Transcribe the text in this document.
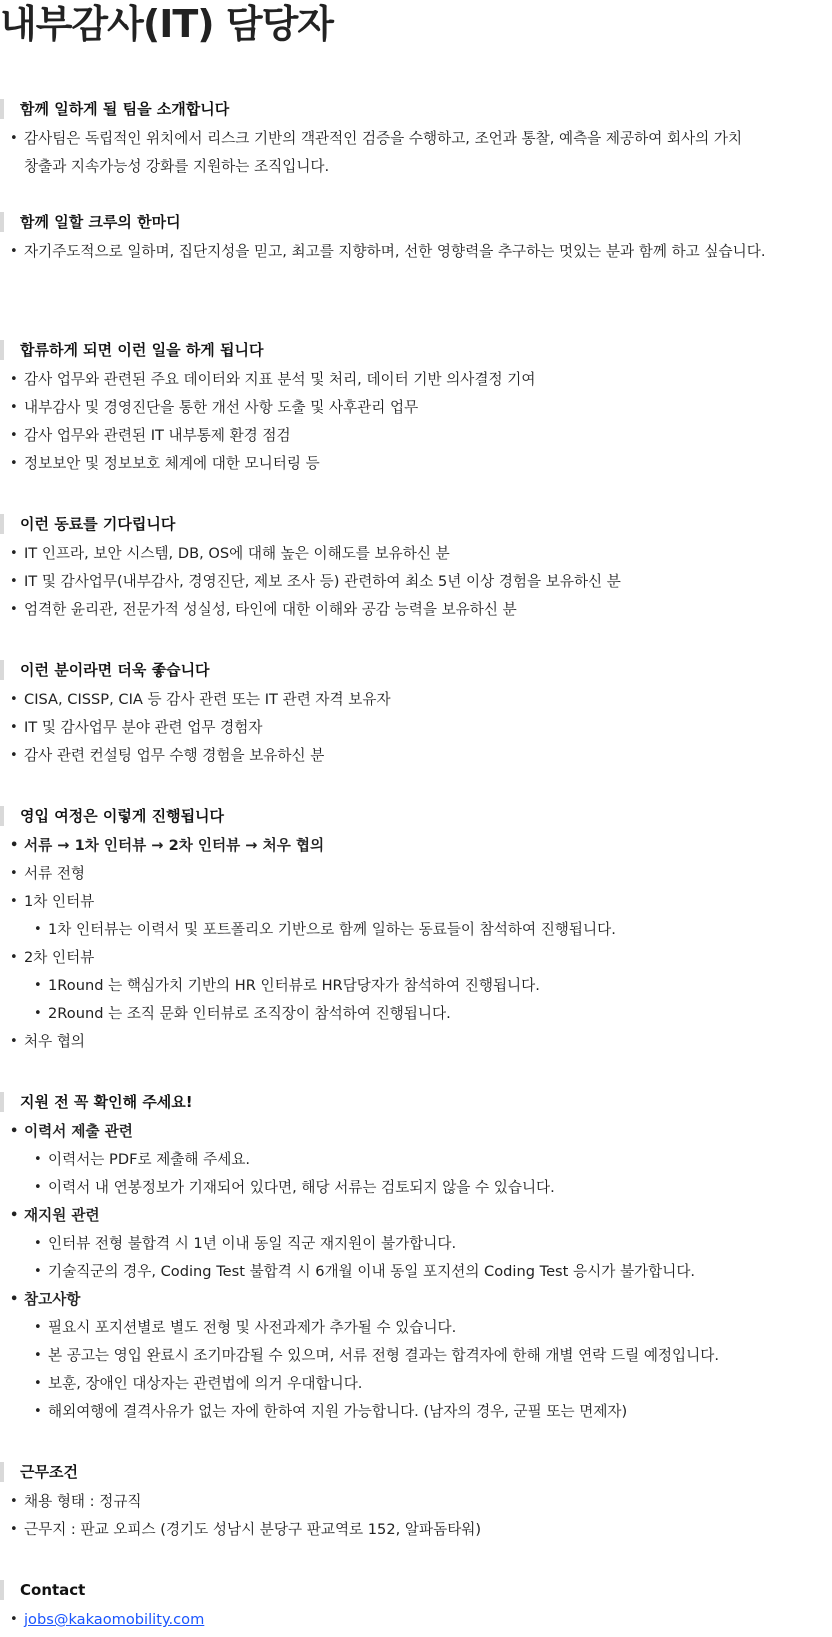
내부감사(IT) 담당자
함께 일하게 될 팀을 소개합니다
• 감사팀은 독립적인 위치에서 리스크 기반의 객관적인 검증을 수행하고, 조언과 통찰, 예측을 제공하여 회사의 가치 창출과 지속가능성 강화를 지원하는 조직입니다.
함께 일할 크루의 한마디
• 자기주도적으로 일하며, 집단지성을 믿고, 최고를 지향하며, 선한 영향력을 추구하는 멋있는 분과 함께 하고 싶습니다.
합류하게 되면 이런 일을 하게 됩니다
• 감사 업무와 관련된 주요 데이터와 지표 분석 및 처리, 데이터 기반 의사결정 기여
• 내부감사 및 경영진단을 통한 개선 사항 도출 및 사후관리 업무
• 감사 업무와 관련된 IT 내부통제 환경 점검
• 정보보안 및 정보보호 체계에 대한 모니터링 등
이런 동료를 기다립니다
• IT 인프라, 보안 시스템, DB, OS에 대해 높은 이해도를 보유하신 분
• IT 및 감사업무(내부감사, 경영진단, 제보 조사 등) 관련하여 최소 5년 이상 경험을 보유하신 분
• 엄격한 윤리관, 전문가적 성실성, 타인에 대한 이해와 공감 능력을 보유하신 분
이런 분이라면 더욱 좋습니다
• CISA, CISSP, CIA 등 감사 관련 또는 IT 관련 자격 보유자
• IT 및 감사업무 분야 관련 업무 경험자
• 감사 관련 컨설팅 업무 수행 경험을 보유하신 분
영입 여정은 이렇게 진행됩니다
• 서류 → 1차 인터뷰 → 2차 인터뷰 → 처우 협의
• 서류 전형
• 1차 인터뷰
• 1차 인터뷰는 이력서 및 포트폴리오 기반으로 함께 일하는 동료들이 참석하여 진행됩니다.
• 2차 인터뷰
• 1Round 는 핵심가치 기반의 HR 인터뷰로 HR담당자가 참석하여 진행됩니다.
• 2Round 는 조직 문화 인터뷰로 조직장이 참석하여 진행됩니다.
• 처우 협의
지원 전 꼭 확인해 주세요!
• 이력서 제출 관련
• 이력서는 PDF로 제출해 주세요.
• 이력서 내 연봉정보가 기재되어 있다면, 해당 서류는 검토되지 않을 수 있습니다.
• 재지원 관련
• 인터뷰 전형 불합격 시 1년 이내 동일 직군 재지원이 불가합니다.
• 기술직군의 경우, Coding Test 불합격 시 6개월 이내 동일 포지션의 Coding Test 응시가 불가합니다.
• 참고사항
• 필요시 포지션별로 별도 전형 및 사전과제가 추가될 수 있습니다.
• 본 공고는 영입 완료시 조기마감될 수 있으며, 서류 전형 결과는 합격자에 한해 개별 연락 드릴 예정입니다.
• 보훈, 장애인 대상자는 관련법에 의거 우대합니다.
• 해외여행에 결격사유가 없는 자에 한하여 지원 가능합니다. (남자의 경우, 군필 또는 면제자)
근무조건
• 채용 형태 : 정규직
• 근무지 : 판교 오피스 (경기도 성남시 분당구 판교역로 152, 알파돔타워)
Contact
• jobs@kakaomobility.com
